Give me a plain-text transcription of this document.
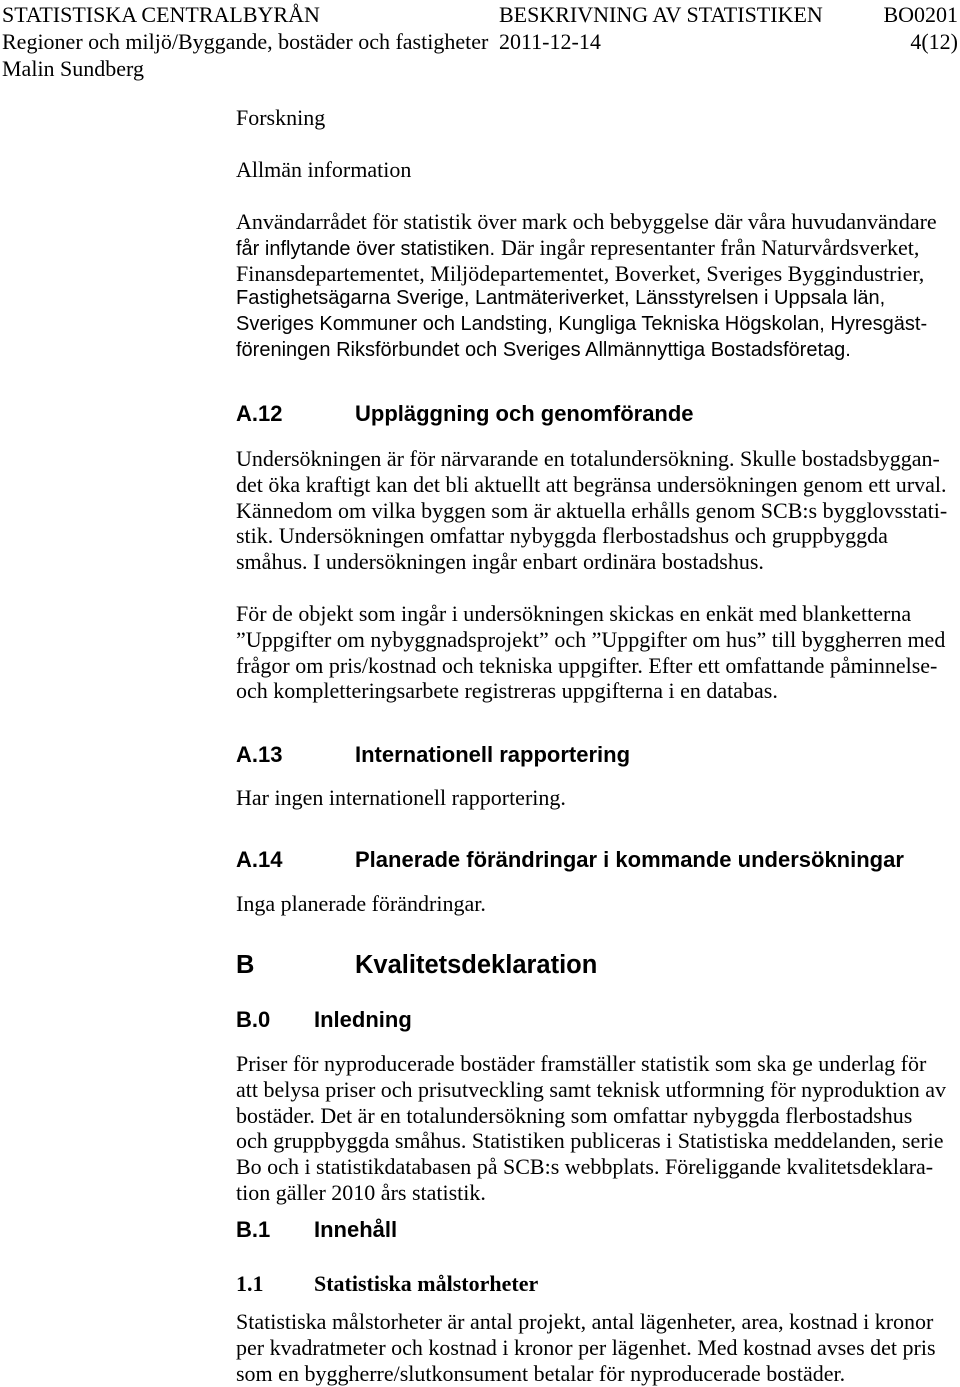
STATISTISKA CENTRALBYRÅN	BESKRIVNING AV STATISTIKEN	BO0201
Regioner och miljö/Byggande, bostäder och fastigheter 2011-12-14	4(12)
Malin Sundberg
Forskning
Allmän information
Användarrådet för statistik över mark och bebyggelse där våra huvudanvändare
får inflytande över statistiken. Där ingår representanter från Naturvårdsverket,
Finansdepartementet, Miljödepartementet, Boverket, Sveriges Byggindustrier,
Fastighetsägarna Sverige, Lantmäteriverket, Länsstyrelsen i Uppsala län,
Sveriges Kommuner och Landsting, Kungliga Tekniska Högskolan, Hyresgäst-
föreningen Riksförbundet och Sveriges Allmännyttiga Bostadsföretag.
A.12	Uppläggning och genomförande
Undersökningen är för närvarande en totalundersökning. Skulle bostadsbyggan-
det öka kraftigt kan det bli aktuellt att begränsa undersökningen genom ett urval.
Kännedom om vilka byggen som är aktuella erhålls genom SCB:s bygglovsstati-
stik. Undersökningen omfattar nybyggda flerbostadshus och gruppbyggda
småhus. I undersökningen ingår enbart ordinära bostadshus.
För de objekt som ingår i undersökningen skickas en enkät med blanketterna
”Uppgifter om nybyggnadsprojekt” och ”Uppgifter om hus” till byggherren med
frågor om pris/kostnad och tekniska uppgifter. Efter ett omfattande påminnelse-
och kompletteringsarbete registreras uppgifterna i en databas.
A.13	Internationell rapportering
Har ingen internationell rapportering.
A.14	Planerade förändringar i kommande undersökningar
Inga planerade förändringar.
B	Kvalitetsdeklaration
B.0 Inledning
Priser för nyproducerade bostäder framställer statistik som ska ge underlag för
att belysa priser och prisutveckling samt teknisk utformning för nyproduktion av
bostäder. Det är en totalundersökning som omfattar nybyggda flerbostadshus
och gruppbyggda småhus. Statistiken publiceras i Statistiska meddelanden, serie
Bo och i statistikdatabasen på SCB:s webbplats. Föreliggande kvalitetsdeklara-
tion gäller 2010 års statistik.
B.1 Innehåll
1.1 Statistiska målstorheter
Statistiska målstorheter är antal projekt, antal lägenheter, area, kostnad i kronor
per kvadratmeter och kostnad i kronor per lägenhet. Med kostnad avses det pris
som en byggherre/slutkonsument betalar för nyproducerade bostäder.
